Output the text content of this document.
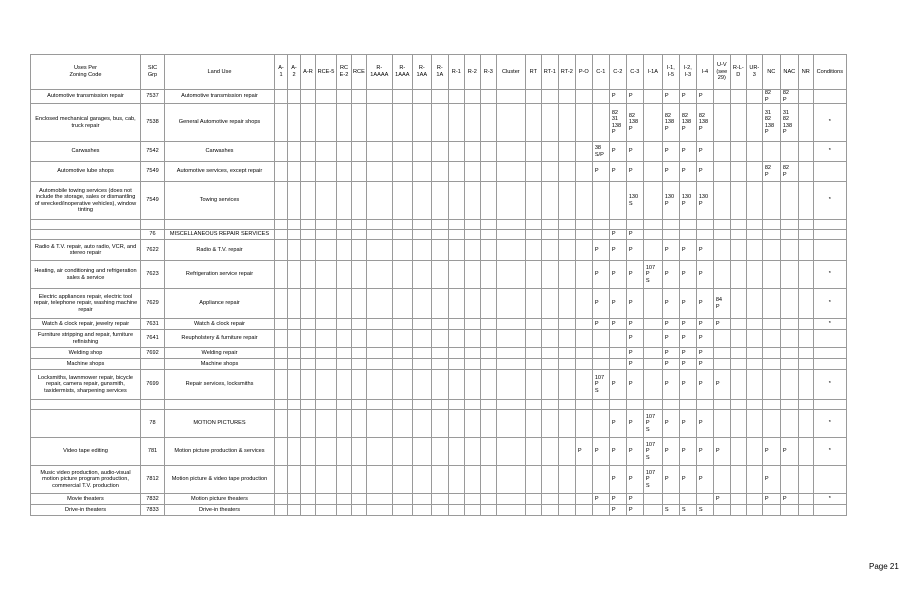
Uses Per
Zoning Code	SIC
Grp	Land Use	A-
1	A-
2	A-R	RCE-5	RC
E-2	RCE	R-
1AAAA	R-
1AAA	R-
1AA	R-
1A	R-1	R-2	R-3	Cluster	RT	RT-1	RT-2	P-O	C-1	C-2	C-3	I-1A	I-1,
I-5	I-2,
I-3	I-4	U-V
(see
29)	R-L-
D	UR-
3	NC	NAC	NR	Conditions
Automotive transmission repair	7537	Automotive transmission repair																				P	P		P	P	P				82
P	82
P		
Enclosed mechanical garages, bus, cab, truck repair	7538	General Automotive repair shops																				82
31
138
P	82
138
P		82
138
P	82
138
P	82
138
P				31
82
138
P	31
82
138
P		*
Carwashes	7542	Carwashes																			38
S/P	P	P		P	P	P							*
Automotive lube shops	7549	Automotive services, except repair																			P	P	P		P	P	P				82
P	82
P		
Automobile towing services (does not include the storage, sales or dismantling of wrecked/inoperative vehicles), window tinting	7549	Towing services																					130
S		130
P	130
P	130
P							*

	76	MISCELLANEOUS REPAIR SERVICES																				P	P											
Radio & T.V. repair, auto radio, VCR, and stereo repair	7622	Radio & T.V. repair																			P	P	P		P	P	P							
Heating, air conditioning and refrigeration sales & service	7623	Refrigeration service repair																			P	P	P	107
P
S	P	P	P							*
Electric appliances repair, electric tool repair, telephone repair, washing machine repair	7629	Appliance repair																			P	P	P		P	P	P	84
P						*
Watch & clock repair, jewelry repair	7631	Watch & clock repair																			P	P	P		P	P	P	P						*
Furniture stripping and repair, furniture refinishing	7641	Reupholstery & furniture repair																					P		P	P	P							
Welding shop	7692	Welding repair																					P		P	P	P							
Machine shops		Machine shops																					P		P	P	P							
Locksmiths, lawnmower repair, bicycle repair, camera repair, gunsmith, taxidermists, sharpening services	7699	Repair services, locksmiths																			107
P
S	P	P		P	P	P	P						*

	78	MOTION PICTURES																				P	P	107
P
S	P	P	P							*
Video tape editing	781	Motion picture production & services																		P	P	P	P	107
P
S	P	P	P	P			P	P		*
Music video production, audio-visual motion picture program production, commercial T.V. production	7812	Motion picture & video tape production																				P	P	107
P
S	P	P	P				P			
Movie theaters	7832	Motion picture theaters																			P	P	P					P			P	P		*
Drive-in theaters	7833	Drive-in theaters																				P	P		S	S	S							
Page 21
